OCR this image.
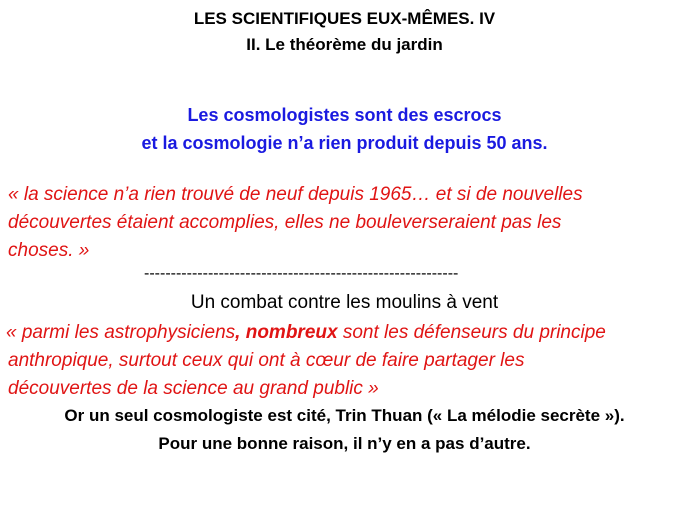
LES SCIENTIFIQUES EUX-MÊMES. IV
II. Le théorème du jardin
Les cosmologistes sont des escrocs
et la cosmologie n’a rien produit depuis 50 ans.
« la science n’a rien trouvé de neuf depuis 1965… et si de nouvelles
découvertes étaient accomplies, elles ne bouleverseraient pas les
choses. »
-----------------------------------------------------------
Un combat contre les moulins à vent
« parmi les astrophysiciens, nombreux sont les défenseurs du principe
anthropique, surtout ceux qui ont à cœur de faire partager les
découvertes de la science au grand public »
Or un seul cosmologiste est cité, Trin Thuan (« La mélodie secrète »).
Pour une bonne raison, il n’y en a pas d’autre.
